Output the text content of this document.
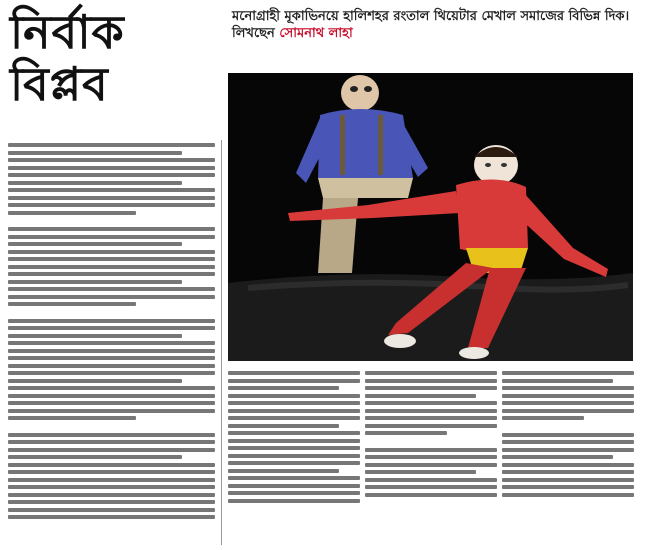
নির্বাক
বিপ্লব
মনোগ্রাহী মূকাভিনয়ে হালিশহর রংতাল থিয়েটার মেখাল সমাজের বিভিন্ন দিক। লিখছেন সোমনাথ লাহা
